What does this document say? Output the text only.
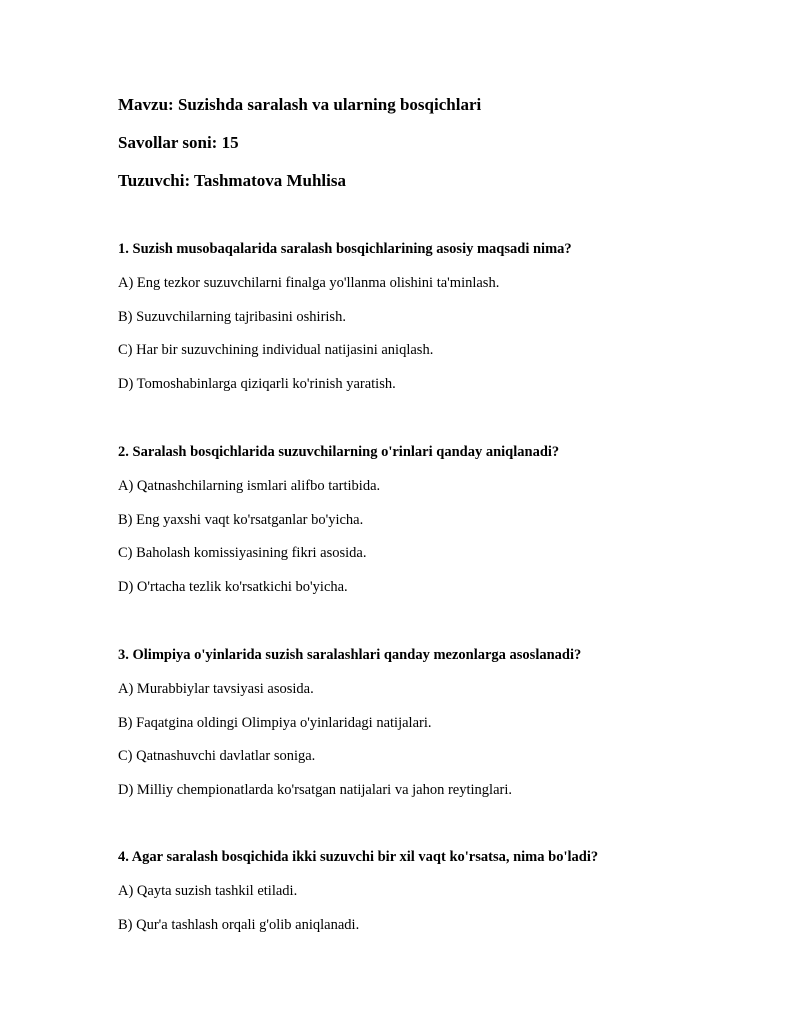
Mavzu: Suzishda saralash va ularning bosqichlari
Savollar soni: 15
Tuzuvchi: Tashmatova Muhlisa

1. Suzish musobaqalarida saralash bosqichlarining asosiy maqsadi nima?

A) Eng tezkor suzuvchilarni finalga yo'llanma olishini ta'minlash.

B) Suzuvchilarning tajribasini oshirish.

C) Har bir suzuvchining individual natijasini aniqlash.

D) Tomoshabinlarga qiziqarli ko'rinish yaratish.

2. Saralash bosqichlarida suzuvchilarning o'rinlari qanday aniqlanadi?

A) Qatnashchilarning ismlari alifbo tartibida.

B) Eng yaxshi vaqt ko'rsatganlar bo'yicha.

C) Baholash komissiyasining fikri asosida.

D) O'rtacha tezlik ko'rsatkichi bo'yicha.

3. Olimpiya o'yinlarida suzish saralashlari qanday mezonlarga asoslanadi?

A) Murabbiylar tavsiyasi asosida.

B) Faqatgina oldingi Olimpiya o'yinlaridagi natijalari.

C) Qatnashuvchi davlatlar soniga.

D) Milliy chempionatlarda ko'rsatgan natijalari va jahon reytinglari.

4. Agar saralash bosqichida ikki suzuvchi bir xil vaqt ko'rsatsa, nima bo'ladi?

A) Qayta suzish tashkil etiladi.

B) Qur'a tashlash orqali g'olib aniqlanadi.
